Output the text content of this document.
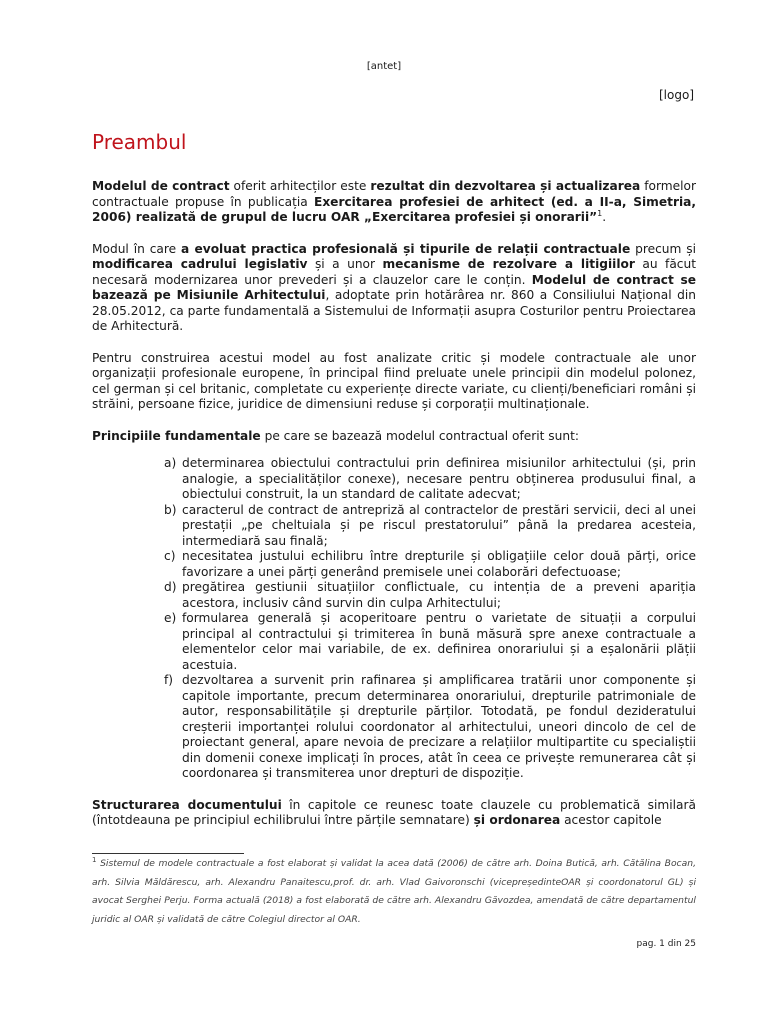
[antet]
[logo]
Preambul

Modelul de contract oferit arhitecților este rezultat din dezvoltarea și actualizarea formelor contractuale propuse în publicația Exercitarea profesiei de arhitect (ed. a II-a, Simetria, 2006) realizată de grupul de lucru OAR „Exercitarea profesiei și onorarii”$^1$.

Modul în care a evoluat practica profesională și tipurile de relații contractuale precum și modificarea cadrului legislativ și a unor mecanisme de rezolvare a litigiilor au făcut necesară modernizarea unor prevederi și a clauzelor care le conțin. Modelul de contract se bazează pe Misiunile Arhitectului, adoptate prin hotărârea nr. 860 a Consiliului Național din 28.05.2012, ca parte fundamentală a Sistemului de Informații asupra Costurilor pentru Proiectarea de Arhitectură.

Pentru construirea acestui model au fost analizate critic și modele contractuale ale unor organizații profesionale europene, în principal fiind preluate unele principii din modelul polonez, cel german și cel britanic, completate cu experiențe directe variate, cu clienți/beneficiari români și străini, persoane fizice, juridice de dimensiuni reduse și corporații multinaționale.

Principiile fundamentale pe care se bazează modelul contractual oferit sunt:

a) determinarea obiectului contractului prin definirea misiunilor arhitectului (și, prin analogie, a specialităților conexe), necesare pentru obținerea produsului final, a obiectului construit, la un standard de calitate adecvat;
b) caracterul de contract de antrepriză al contractelor de prestări servicii, deci al unei prestații „pe cheltuiala și pe riscul prestatorului” până la predarea acesteia, intermediară sau finală;
c) necesitatea justului echilibru între drepturile și obligațiile celor două părți, orice favorizare a unei părți generând premisele unei colaborări defectuoase;
d) pregătirea gestiunii situațiilor conflictuale, cu intenția de a preveni apariția acestora, inclusiv când survin din culpa Arhitectului;
e) formularea generală și acoperitoare pentru o varietate de situații a corpului principal al contractului și trimiterea în bună măsură spre anexe contractuale a elementelor celor mai variabile, de ex. definirea onorariului și a eșalonării plății acestuia.
f) dezvoltarea a survenit prin rafinarea și amplificarea tratării unor componente și capitole importante, precum determinarea onorariului, drepturile patrimoniale de autor, responsabilitățile și drepturile părților. Totodată, pe fondul dezideratului creșterii importanței rolului coordonator al arhitectului, uneori dincolo de cel de proiectant general, apare nevoia de precizare a relațiilor multipartite cu specialiștii din domenii conexe implicați în proces, atât în ceea ce privește remunerarea cât și coordonarea și transmiterea unor drepturi de dispoziție.

Structurarea documentului în capitole ce reunesc toate clauzele cu problematică similară (întotdeauna pe principiul echilibrului între părțile semnatare) și ordonarea acestor capitole

$^1$ Sistemul de modele contractuale a fost elaborat și validat la acea dată (2006) de către arh. Doina Butică, arh. Cătălina Bocan, arh. Silvia Măldărescu, arh. Alexandru Panaitescu,prof. dr. arh. Vlad Gaivoronschi (vicepreședinteOAR și coordonatorul GL) și avocat Serghei Perju. Forma actuală (2018) a fost elaborată de către arh. Alexandru Găvozdea, amendată de către departamentul juridic al OAR și validată de către Colegiul director al OAR.
pag. 1 din 25
